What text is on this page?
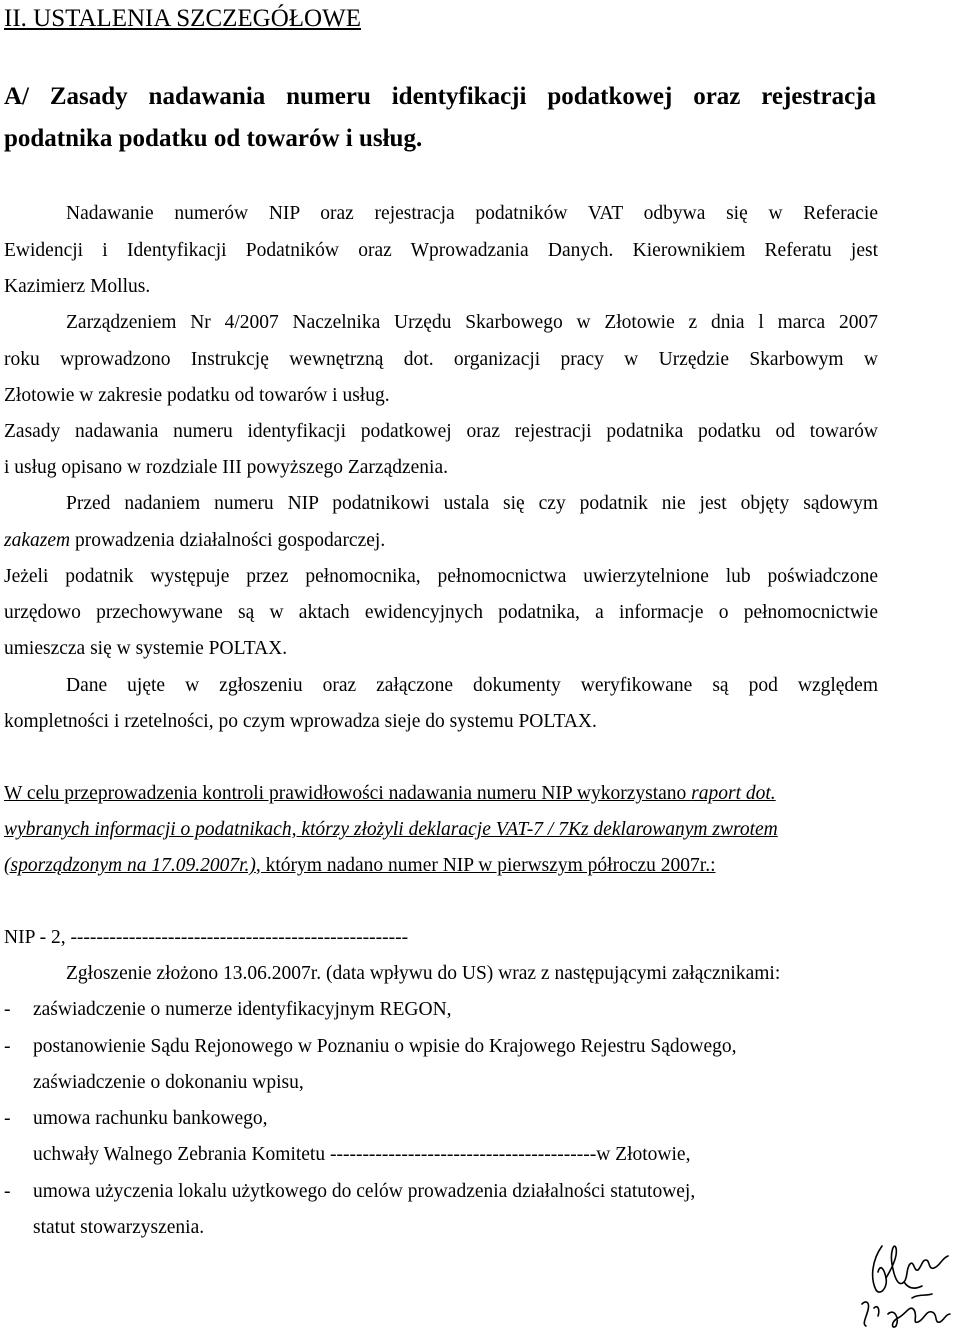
II. USTALENIA SZCZEGÓŁOWE
A/ Zasady nadawania numeru identyfikacji podatkowej oraz rejestracja
podatnika podatku od towarów i usług.
Nadawanie numerów NIP oraz rejestracja podatników VAT odbywa się w Referacie
Ewidencji i Identyfikacji Podatników oraz Wprowadzania Danych. Kierownikiem Referatu jest
Kazimierz Mollus.
Zarządzeniem Nr 4/2007 Naczelnika Urzędu Skarbowego w Złotowie z dnia l marca 2007
roku wprowadzono Instrukcję wewnętrzną dot. organizacji pracy w Urzędzie Skarbowym w
Złotowie w zakresie podatku od towarów i usług.
Zasady nadawania numeru identyfikacji podatkowej oraz rejestracji podatnika podatku od towarów
i usług opisano w rozdziale III powyższego Zarządzenia.
Przed nadaniem numeru NIP podatnikowi ustala się czy podatnik nie jest objęty sądowym
zakazem prowadzenia działalności gospodarczej.
Jeżeli podatnik występuje przez pełnomocnika, pełnomocnictwa uwierzytelnione lub poświadczone
urzędowo przechowywane są w aktach ewidencyjnych podatnika, a informacje o pełnomocnictwie
umieszcza się w systemie POLTAX.
Dane ujęte w zgłoszeniu oraz załączone dokumenty weryfikowane są pod względem
kompletności i rzetelności, po czym wprowadza sieje do systemu POLTAX.
W celu przeprowadzenia kontroli prawidłowości nadawania numeru NIP wykorzystano raport dot.
wybranych informacji o podatnikach, którzy złożyli deklaracje VAT-7 / 7Kz deklarowanym zwrotem
(sporządzonym na 17.09.2007r.), którym nadano numer NIP w pierwszym półroczu 2007r.:
NIP - 2, ----------------------------------------------------
Zgłoszenie złożono 13.06.2007r. (data wpływu do US) wraz z następującymi załącznikami:
- zaświadczenie o numerze identyfikacyjnym REGON,
- postanowienie Sądu Rejonowego w Poznaniu o wpisie do Krajowego Rejestru Sądowego,
zaświadczenie o dokonaniu wpisu,
- umowa rachunku bankowego,
uchwały Walnego Zebrania Komitetu -----------------------------------------w Złotowie,
- umowa użyczenia lokalu użytkowego do celów prowadzenia działalności statutowej,
statut stowarzyszenia.
